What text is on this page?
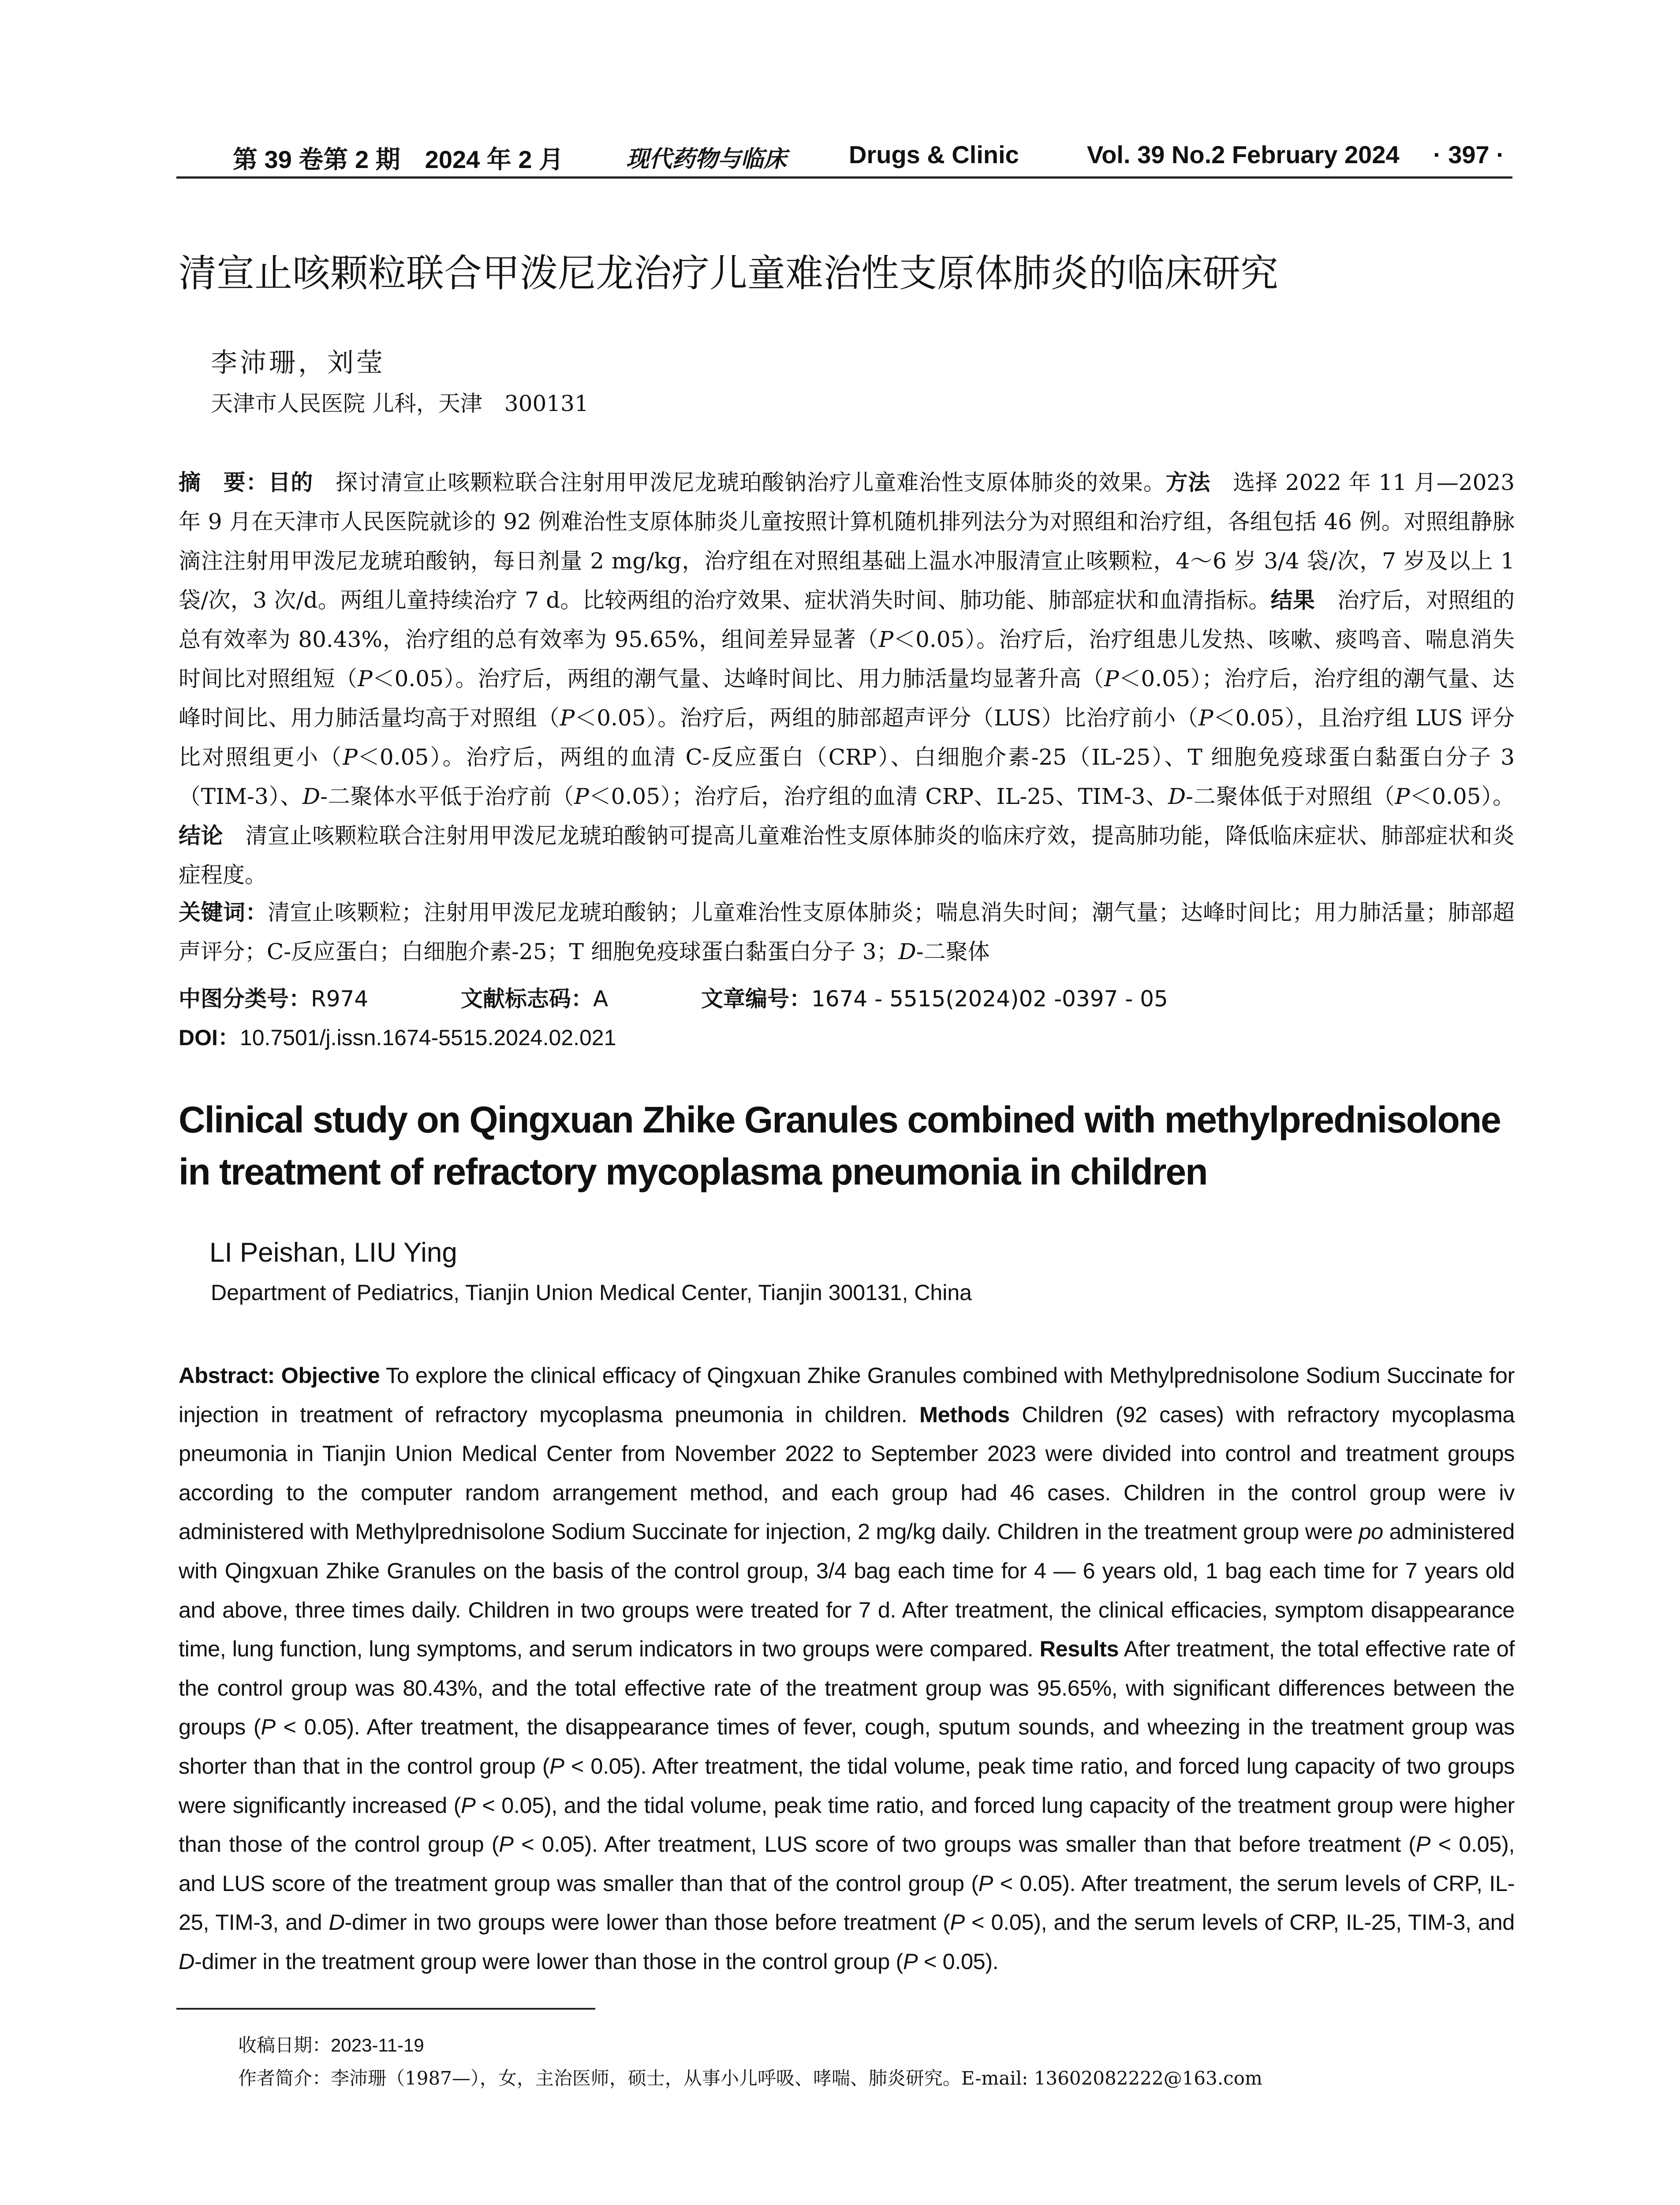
第 39 卷第 2 期　2024 年 2 月	现代药物与临床	Drugs & Clinic	Vol. 39 No.2 February 2024 · 397 ·
清宣止咳颗粒联合甲泼尼龙治疗儿童难治性支原体肺炎的临床研究
李沛珊，刘莹
天津市人民医院 儿科，天津　300131
摘　要：目的　探讨清宣止咳颗粒联合注射用甲泼尼龙琥珀酸钠治疗儿童难治性支原体肺炎的效果。方法　选择 2022 年 11 月—2023 年 9 月在天津市人民医院就诊的 92 例难治性支原体肺炎儿童按照计算机随机排列法分为对照组和治疗组，各组包括 46 例。对照组静脉滴注注射用甲泼尼龙琥珀酸钠，每日剂量 2 mg/kg，治疗组在对照组基础上温水冲服清宣止咳颗粒，4～6 岁 3/4 袋/次，7 岁及以上 1 袋/次，3 次/d。两组儿童持续治疗 7 d。比较两组的治疗效果、症状消失时间、肺功能、肺部症状和血清指标。结果　治疗后，对照组的总有效率为 80.43%，治疗组的总有效率为 95.65%，组间差异显著（P＜0.05）。治疗后，治疗组患儿发热、咳嗽、痰鸣音、喘息消失时间比对照组短（P＜0.05）。治疗后，两组的潮气量、达峰时间比、用力肺活量均显著升高（P＜0.05）；治疗后，治疗组的潮气量、达峰时间比、用力肺活量均高于对照组（P＜0.05）。治疗后，两组的肺部超声评分（LUS）比治疗前小（P＜0.05），且治疗组 LUS 评分比对照组更小（P＜0.05）。治疗后，两组的血清 C-反应蛋白（CRP）、白细胞介素-25（IL-25）、T 细胞免疫球蛋白黏蛋白分子 3（TIM-3）、D-二聚体水平低于治疗前（P＜0.05）；治疗后，治疗组的血清 CRP、IL-25、TIM-3、D-二聚体低于对照组（P＜0.05）。结论　清宣止咳颗粒联合注射用甲泼尼龙琥珀酸钠可提高儿童难治性支原体肺炎的临床疗效，提高肺功能，降低临床症状、肺部症状和炎症程度。
关键词：清宣止咳颗粒；注射用甲泼尼龙琥珀酸钠；儿童难治性支原体肺炎；喘息消失时间；潮气量；达峰时间比；用力肺活量；肺部超声评分；C-反应蛋白；白细胞介素-25；T 细胞免疫球蛋白黏蛋白分子 3；D-二聚体
中图分类号：R974	文献标志码：A	文章编号：1674 - 5515(2024)02 -0397 - 05
DOI：10.7501/j.issn.1674-5515.2024.02.021
Clinical study on Qingxuan Zhike Granules combined with methylprednisolone in treatment of refractory mycoplasma pneumonia in children
LI Peishan, LIU Ying
Department of Pediatrics, Tianjin Union Medical Center, Tianjin 300131, China
Abstract: Objective To explore the clinical efficacy of Qingxuan Zhike Granules combined with Methylprednisolone Sodium Succinate for injection in treatment of refractory mycoplasma pneumonia in children. Methods Children (92 cases) with refractory mycoplasma pneumonia in Tianjin Union Medical Center from November 2022 to September 2023 were divided into control and treatment groups according to the computer random arrangement method, and each group had 46 cases. Children in the control group were iv administered with Methylprednisolone Sodium Succinate for injection, 2 mg/kg daily. Children in the treatment group were po administered with Qingxuan Zhike Granules on the basis of the control group, 3/4 bag each time for 4 — 6 years old, 1 bag each time for 7 years old and above, three times daily. Children in two groups were treated for 7 d. After treatment, the clinical efficacies, symptom disappearance time, lung function, lung symptoms, and serum indicators in two groups were compared. Results After treatment, the total effective rate of the control group was 80.43%, and the total effective rate of the treatment group was 95.65%, with significant differences between the groups (P < 0.05). After treatment, the disappearance times of fever, cough, sputum sounds, and wheezing in the treatment group was shorter than that in the control group (P < 0.05). After treatment, the tidal volume, peak time ratio, and forced lung capacity of two groups were significantly increased (P < 0.05), and the tidal volume, peak time ratio, and forced lung capacity of the treatment group were higher than those of the control group (P < 0.05). After treatment, LUS score of two groups was smaller than that before treatment (P < 0.05), and LUS score of the treatment group was smaller than that of the control group (P < 0.05). After treatment, the serum levels of CRP, IL-25, TIM-3, and D-dimer in two groups were lower than those before treatment (P < 0.05), and the serum levels of CRP, IL-25, TIM-3, and D-dimer in the treatment group were lower than those in the control group (P < 0.05).
收稿日期：2023-11-19
作者简介：李沛珊（1987—），女，主治医师，硕士，从事小儿呼吸、哮喘、肺炎研究。E-mail: 13602082222@163.com
